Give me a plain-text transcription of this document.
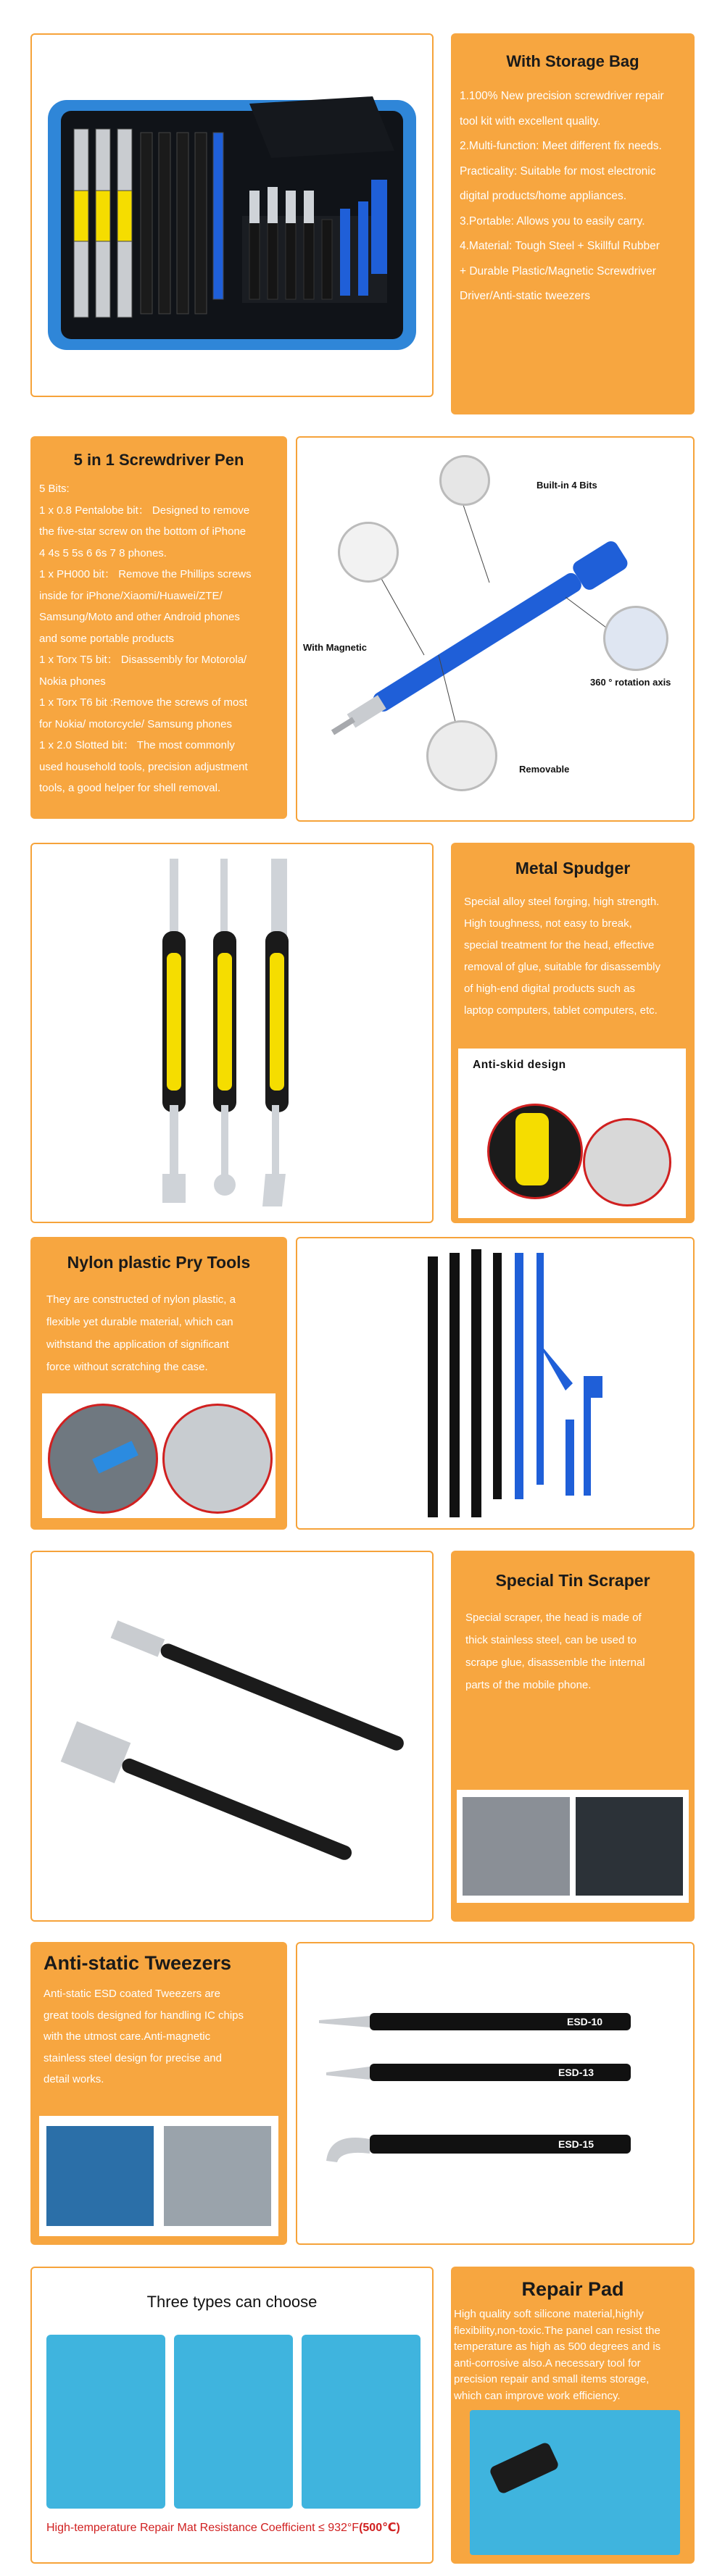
With Storage Bag

1.100% New precision screwdriver repair

tool kit with excellent quality.

2.Multi-function: Meet different fix needs.

Practicality: Suitable for most electronic

digital products/home appliances.

3.Portable: Allows you to easily carry.

4.Material: Tough Steel + Skillful Rubber

+ Durable Plastic/Magnetic Screwdriver

Driver/Anti-static tweezers

5 in 1 Screwdriver Pen

5 Bits:

1 x 0.8 Pentalobe bit： Designed to remove

the five-star screw on the bottom of iPhone

4 4s 5 5s 6 6s 7 8 phones.

1 x PH000 bit： Remove the Phillips screws

inside for iPhone/Xiaomi/Huawei/ZTE/

Samsung/Moto and other Android phones

and some portable products

1 x Torx T5 bit： Disassembly for Motorola/

Nokia phones

1 x Torx T6 bit :Remove the screws of most

for Nokia/ motorcycle/ Samsung phones

1 x 2.0 Slotted bit： The most commonly

used household tools, precision adjustment

tools, a good helper for shell removal.

Built-in 4 Bits
With Magnetic
360 ° rotation axis
Removable
Metal Spudger

Special alloy steel forging, high strength.

High toughness, not easy to break,

special treatment for the head, effective

removal of glue, suitable for disassembly

of high-end digital products such as

laptop computers, tablet computers, etc.

Anti-skid design
Nylon plastic Pry Tools

They are constructed of nylon plastic, a

flexible yet durable material, which can

withstand the application of significant

force without scratching the case.

Special Tin Scraper

Special scraper, the head is made of

thick stainless steel, can be used to

scrape glue, disassemble the internal

parts of the mobile phone.

Anti-static Tweezers

Anti-static ESD coated Tweezers are

great tools designed for handling IC chips

with the utmost care.Anti-magnetic

stainless steel design for precise and

detail works.

ESD-10
ESD-13
ESD-15
Three types can choose
High-temperature Repair Mat Resistance Coefficient ≤ 932°F(500℃)
Repair Pad

High quality soft silicone material,highly

flexibility,non-toxic.The panel can resist the

temperature as high as 500 degrees and is

anti-corrosive also.A necessary tool for

precision repair and small items storage,

which can improve work efficiency.
